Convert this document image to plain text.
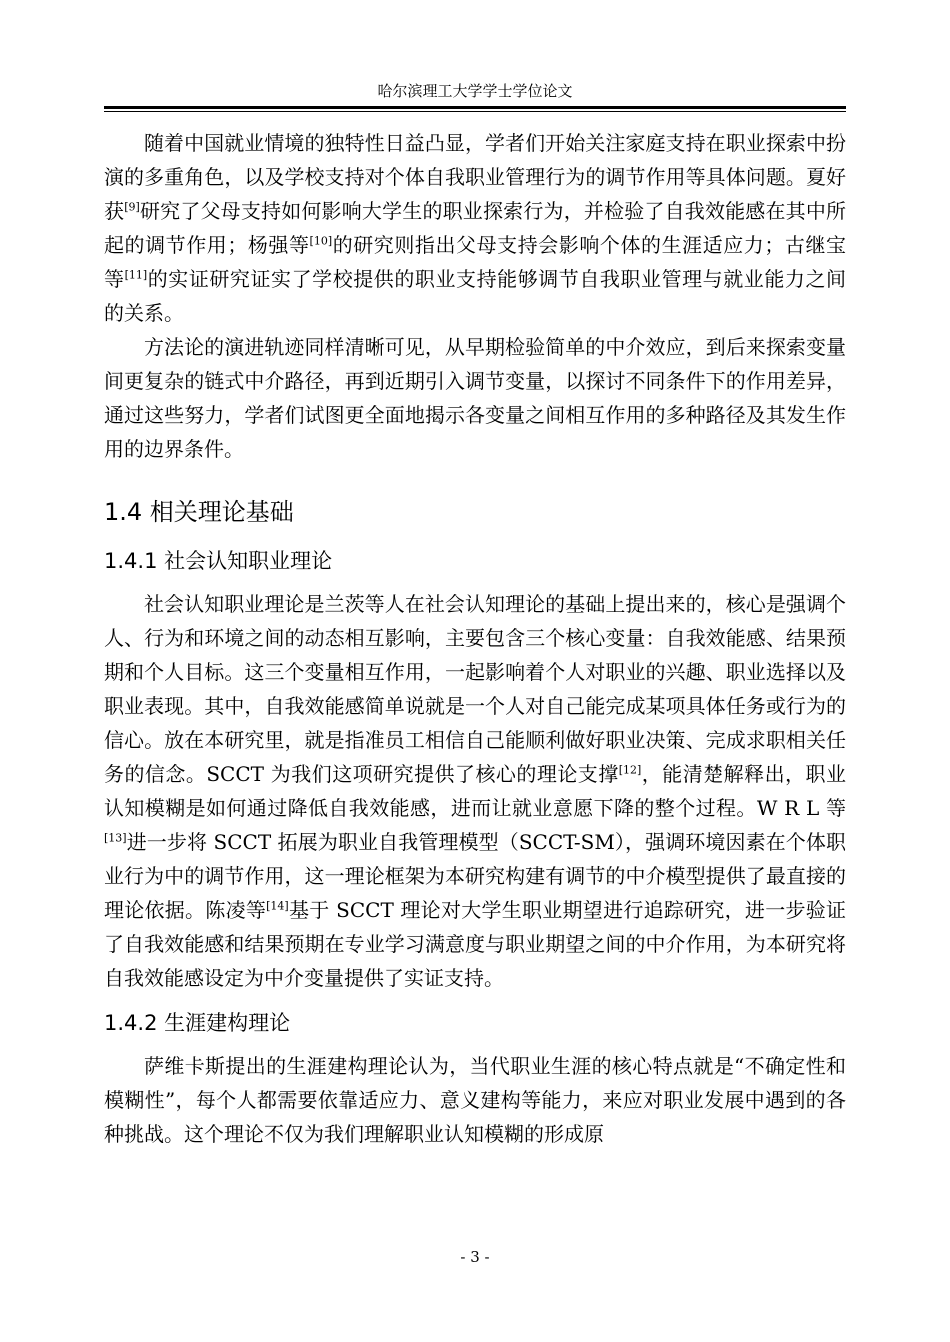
哈尔滨理工大学学士学位论文

随着中国就业情境的独特性日益凸显，学者们开始关注家庭支持在职业探索中扮演的多重角色，以及学校支持对个体自我职业管理行为的调节作用等具体问题。夏好获[9]研究了父母支持如何影响大学生的职业探索行为，并检验了自我效能感在其中所起的调节作用；杨强等[10]的研究则指出父母支持会影响个体的生涯适应力；古继宝等[11]的实证研究证实了学校提供的职业支持能够调节自我职业管理与就业能力之间的关系。

方法论的演进轨迹同样清晰可见，从早期检验简单的中介效应，到后来探索变量间更复杂的链式中介路径，再到近期引入调节变量，以探讨不同条件下的作用差异，通过这些努力，学者们试图更全面地揭示各变量之间相互作用的多种路径及其发生作用的边界条件。

1.4 相关理论基础
1.4.1 社会认知职业理论

社会认知职业理论是兰茨等人在社会认知理论的基础上提出来的，核心是强调个人、行为和环境之间的动态相互影响，主要包含三个核心变量：自我效能感、结果预期和个人目标。这三个变量相互作用，一起影响着个人对职业的兴趣、职业选择以及职业表现。其中，自我效能感简单说就是一个人对自己能完成某项具体任务或行为的信心。放在本研究里，就是指准员工相信自己能顺利做好职业决策、完成求职相关任务的信念。SCCT 为我们这项研究提供了核心的理论支撑[12]，能清楚解释出，职业认知模糊是如何通过降低自我效能感，进而让就业意愿下降的整个过程。W R L 等[13]进一步将 SCCT 拓展为职业自我管理模型（SCCT-SM），强调环境因素在个体职业行为中的调节作用，这一理论框架为本研究构建有调节的中介模型提供了最直接的理论依据。陈凌等[14]基于 SCCT 理论对大学生职业期望进行追踪研究，进一步验证了自我效能感和结果预期在专业学习满意度与职业期望之间的中介作用，为本研究将自我效能感设定为中介变量提供了实证支持。

1.4.2 生涯建构理论

萨维卡斯提出的生涯建构理论认为，当代职业生涯的核心特点就是“不确定性和模糊性”，每个人都需要依靠适应力、意义建构等能力，来应对职业发展中遇到的各种挑战。这个理论不仅为我们理解职业认知模糊的形成原

- 3 -
